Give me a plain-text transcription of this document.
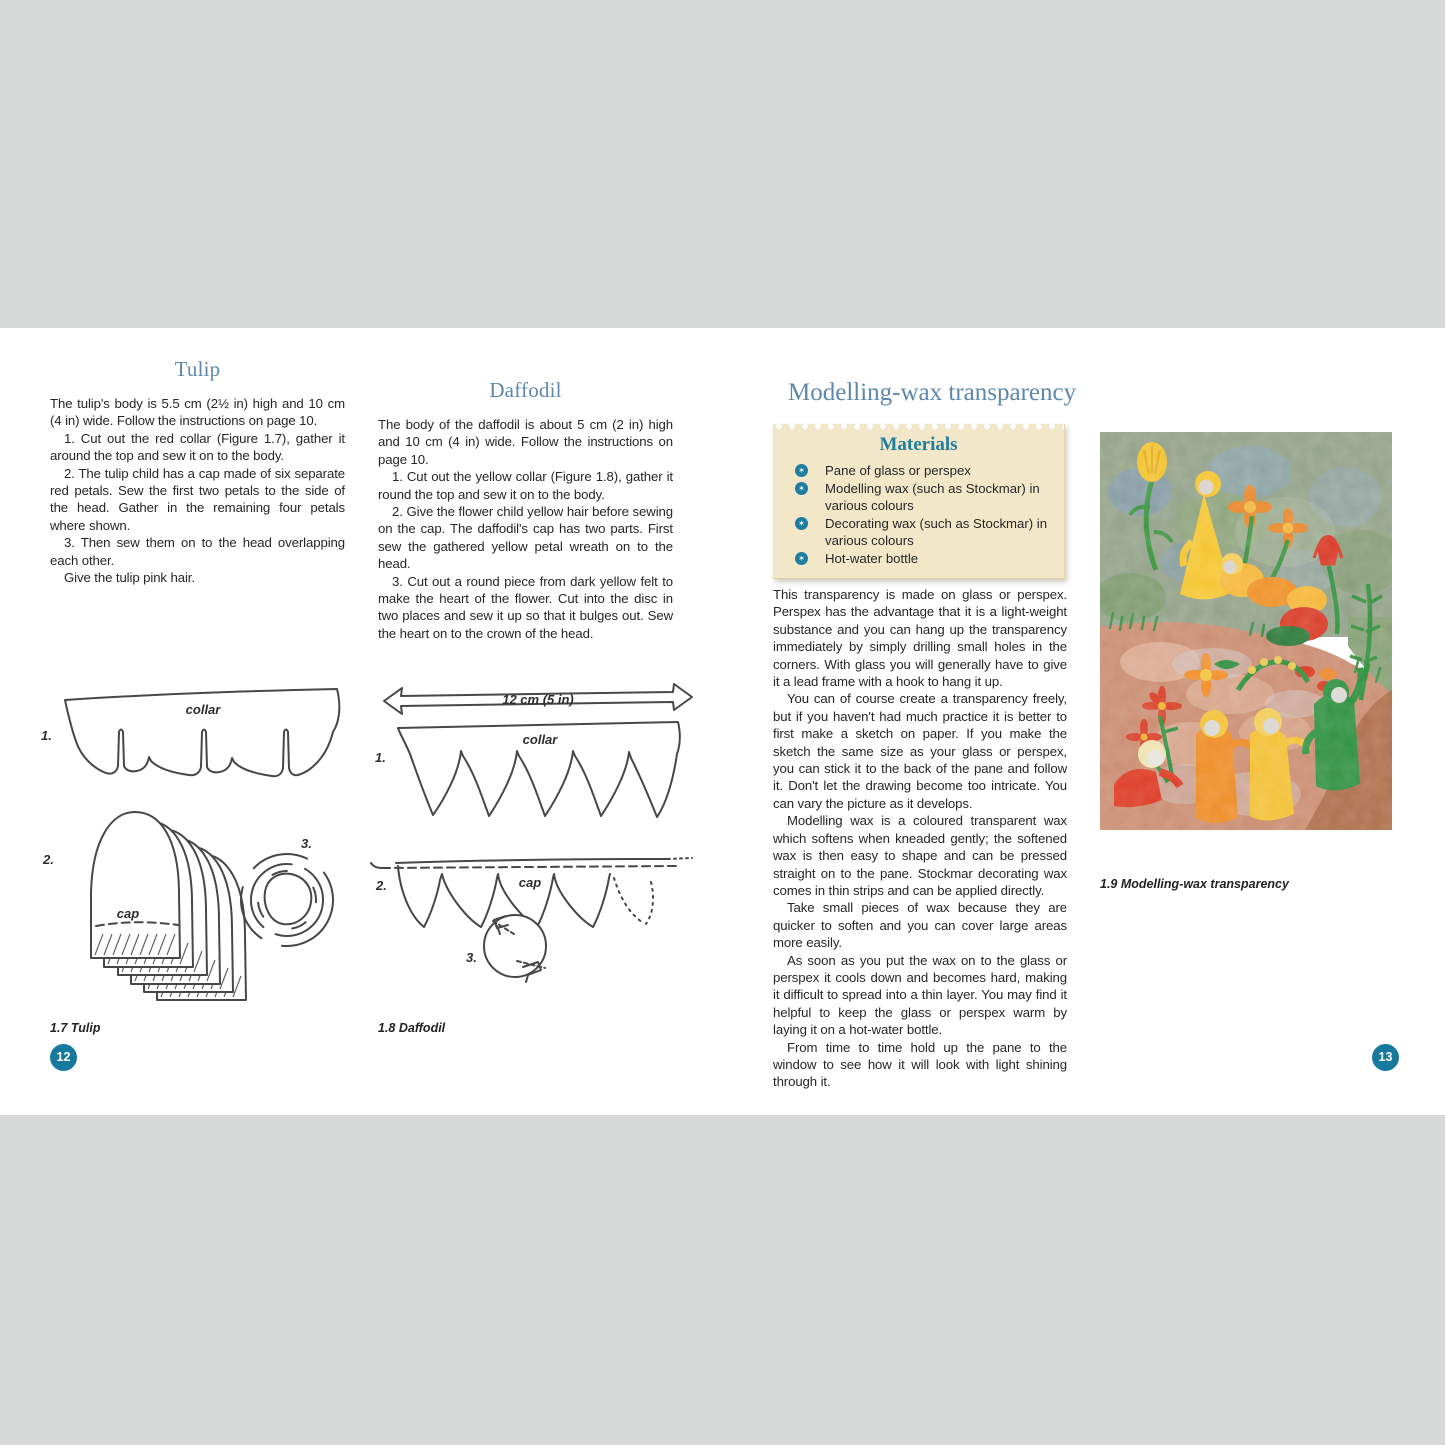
Tulip

The tulip's body is 5.5 cm (2½ in) high and 10 cm (4 in) wide. Follow the instructions on page 10.

1. Cut out the red collar (Figure 1.7), gather it around the top and sew it on to the body.

2. The tulip child has a cap made of six separate red petals. Sew the first two petals to the side of the head. Gather in the remaining four petals where shown.

3. Then sew them on to the head overlapping each other.

Give the tulip pink hair.

collar
1.
cap
2.
3.
Daffodil

The body of the daffodil is about 5 cm (2 in) high and 10 cm (4 in) wide. Follow the instructions on page 10.

1. Cut out the yellow collar (Figure 1.8), gather it round the top and sew it on to the body.

2. Give the flower child yellow hair before sewing on the cap. The daffodil's cap has two parts. First sew the gathered yellow petal wreath on to the head.

3. Cut out a round piece from dark yellow felt to make the heart of the flower. Cut into the disc in two places and sew it up so that it bulges out. Sew the heart on to the crown of the head.

12 cm (5 in)
collar
1.
cap
2.
3.
Modelling-wax transparency
Materials
✶ Pane of glass or perspex
✶ Modelling wax (such as Stockmar) in various colours
✶ Decorating wax (such as Stockmar) in various colours
✶ Hot-water bottle

This transparency is made on glass or perspex. Perspex has the advantage that it is a light-weight substance and you can hang up the transparency immediately by simply drilling small holes in the corners. With glass you will generally have to give it a lead frame with a hook to hang it up.

You can of course create a transparency freely, but if you haven't had much practice it is better to first make a sketch on paper. If you make the sketch the same size as your glass or perspex, you can stick it to the back of the pane and follow it. Don't let the drawing become too intricate. You can vary the picture as it develops.

Modelling wax is a coloured transparent wax which softens when kneaded gently; the softened wax is then easy to shape and can be pressed straight on to the pane. Stockmar decorating wax comes in thin strips and can be applied directly.

Take small pieces of wax because they are quicker to soften and you can cover large areas more easily.

As soon as you put the wax on to the glass or perspex it cools down and becomes hard, making it difficult to spread into a thin layer. You may find it helpful to keep the glass or perspex warm by laying it on a hot-water bottle.

From time to time hold up the pane to the window to see how it will look with light shining through it.

1.7 Tulip	1.8 Daffodil
1.9 Modelling-wax transparency
12	13
